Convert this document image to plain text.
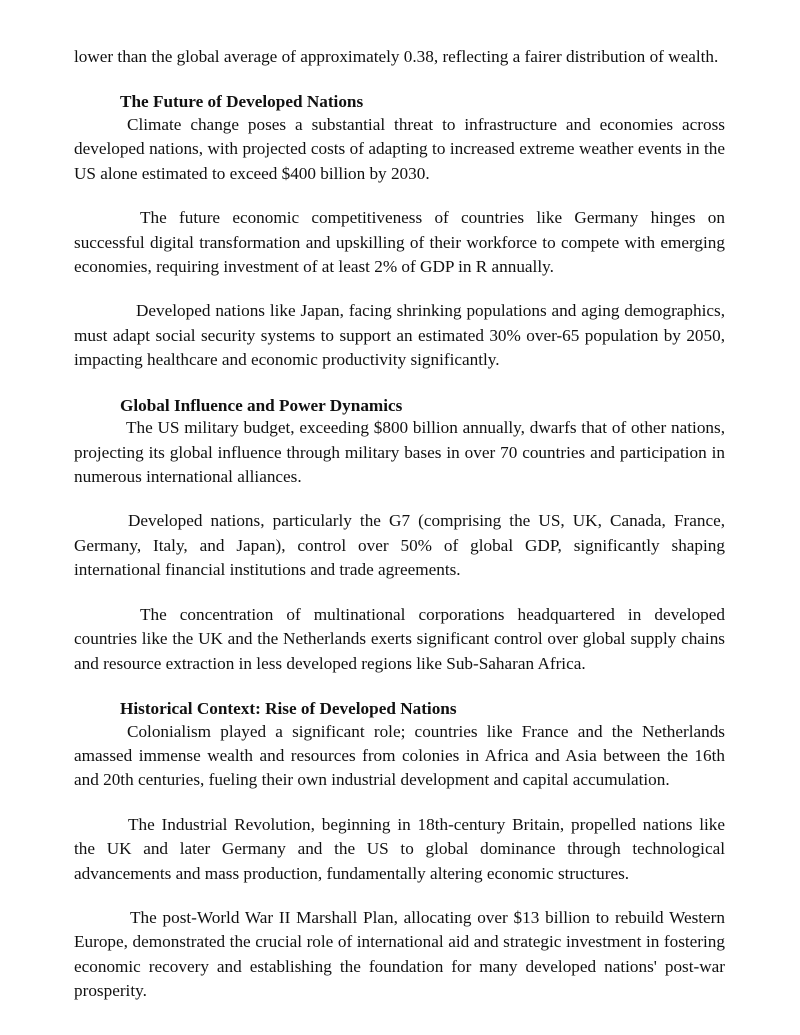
lower than the global average of approximately 0.38, reflecting a fairer distribution of wealth.

The Future of Developed Nations

Climate change poses a substantial threat to infrastructure and economies across developed nations, with projected costs of adapting to increased extreme weather events in the US alone estimated to exceed $400 billion by 2030.

The future economic competitiveness of countries like Germany hinges on successful digital transformation and upskilling of their workforce to compete with emerging economies, requiring investment of at least 2% of GDP in R annually.

Developed nations like Japan, facing shrinking populations and aging demographics, must adapt social security systems to support an estimated 30% over-65 population by 2050, impacting healthcare and economic productivity significantly.

Global Influence and Power Dynamics

The US military budget, exceeding $800 billion annually, dwarfs that of other nations, projecting its global influence through military bases in over 70 countries and participation in numerous international alliances.

Developed nations, particularly the G7 (comprising the US, UK, Canada, France, Germany, Italy, and Japan), control over 50% of global GDP, significantly shaping international financial institutions and trade agreements.

The concentration of multinational corporations headquartered in developed countries like the UK and the Netherlands exerts significant control over global supply chains and resource extraction in less developed regions like Sub-Saharan Africa.

Historical Context: Rise of Developed Nations

Colonialism played a significant role; countries like France and the Netherlands amassed immense wealth and resources from colonies in Africa and Asia between the 16th and 20th centuries, fueling their own industrial development and capital accumulation.

The Industrial Revolution, beginning in 18th-century Britain, propelled nations like the UK and later Germany and the US to global dominance through technological advancements and mass production, fundamentally altering economic structures.

The post-World War II Marshall Plan, allocating over $13 billion to rebuild Western Europe, demonstrated the crucial role of international aid and strategic investment in fostering economic recovery and establishing the foundation for many developed nations' post-war prosperity.
